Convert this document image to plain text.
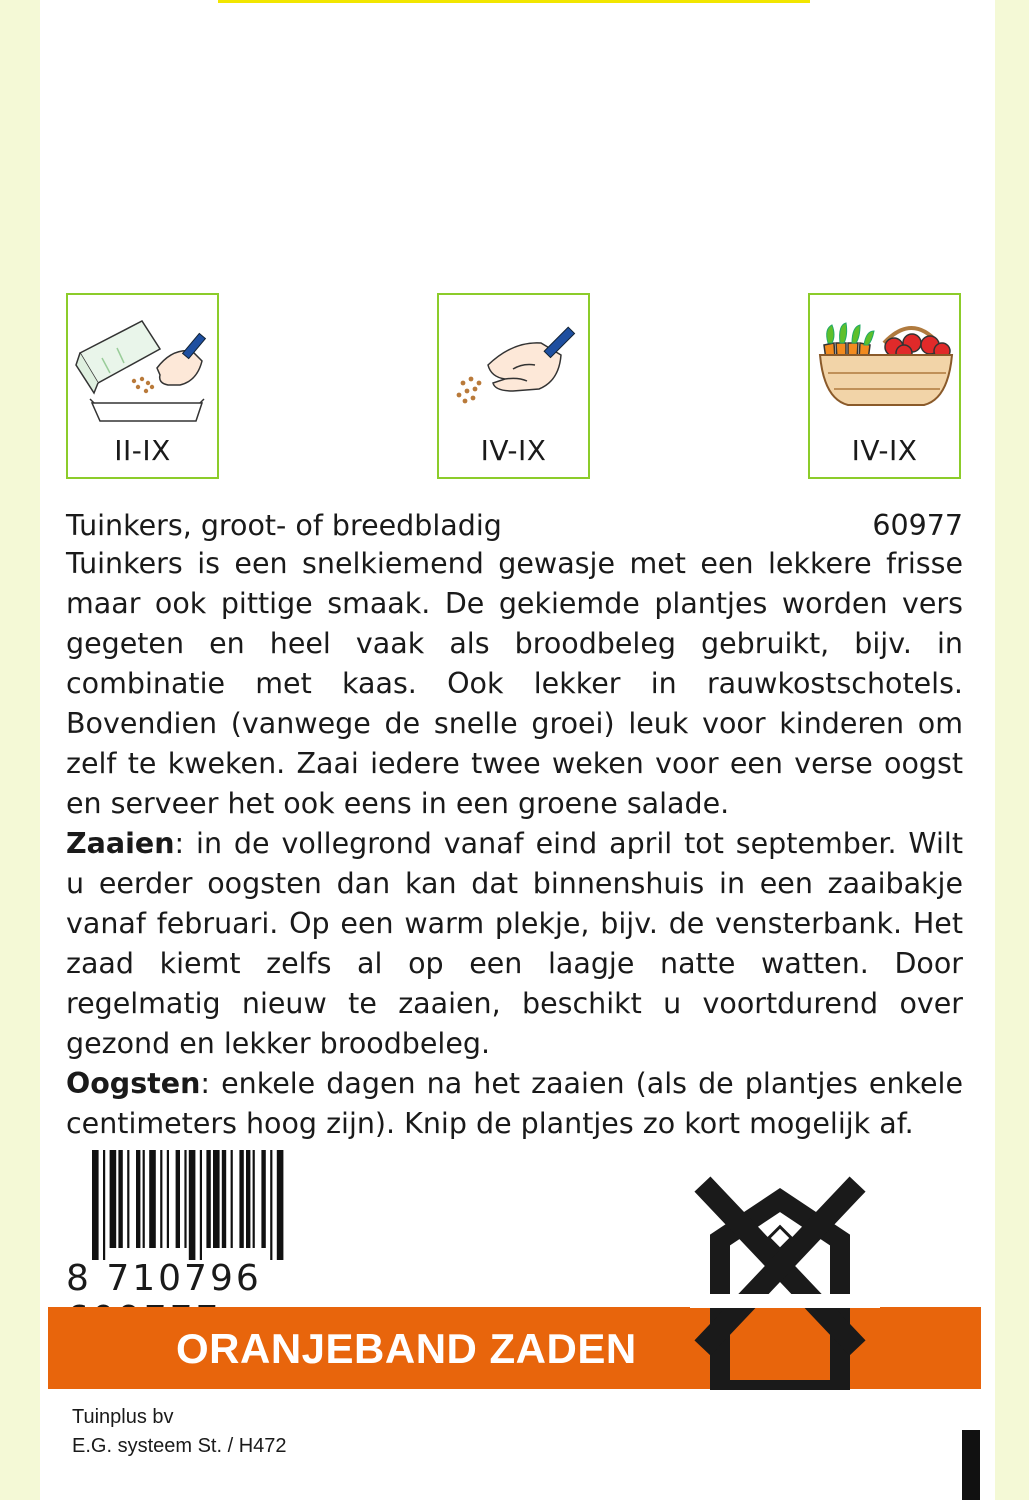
II-IX	IV-IX	IV-IX
Tuinkers, groot- of breedbladig	60977
Tuinkers is een snelkiemend gewasje met een lekkere frisse maar ook pittige smaak. De gekiemde plantjes worden vers gegeten en heel vaak als broodbeleg gebruikt, bijv. in combinatie met kaas. Ook lekker in rauwkostschotels. Bovendien (vanwege de snelle groei) leuk voor kinderen om zelf te kweken. Zaai iedere twee weken voor een verse oogst en serveer het ook eens in een groene salade.
Zaaien: in de vollegrond vanaf eind april tot september. Wilt u eerder oogsten dan kan dat binnenshuis in een zaaibakje vanaf februari. Op een warm plekje, bijv. de vensterbank. Het zaad kiemt zelfs al op een laagje natte watten. Door regelmatig nieuw te zaaien, beschikt u voortdurend over gezond en lekker broodbeleg.
Oogsten: enkele dagen na het zaaien (als de plantjes enkele centimeters hoog zijn). Knip de plantjes zo kort mogelijk af.
8 710796
ORANJEBAND ZADEN
Tuinplus bv
E.G. systeem St. / H472
